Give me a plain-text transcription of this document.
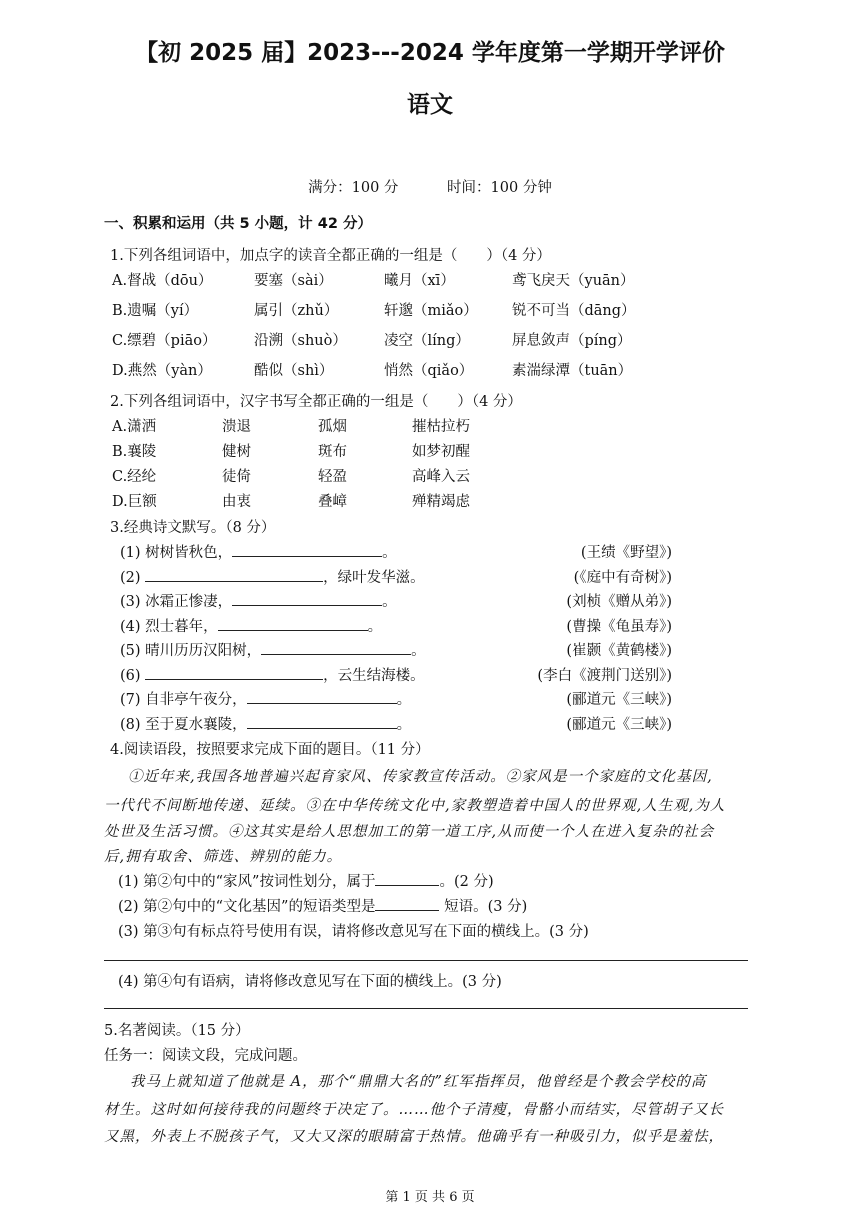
【初 2025 届】2023---2024 学年度第一学期开学评价
语文
满分：100 分	时间：100 分钟
一、积累和运用（共 5 小题，计 42 分）
1.下列各组词语中，加点字的读音全都正确的一组是（　　）（4 分）
A.督战（dōu）	要塞（sài）	曦月（xī）	鸢飞戾天（yuān）
B.遗嘱（yí）	属引（zhǔ）	轩邈（miǎo） 锐不可当（dāng）
C.缥碧（piāo）	沿溯（shuò）	凌空（líng）	屏息敛声（píng）
D.燕然（yàn）	酷似（shì）	悄然（qiǎo）	素湍绿潭（tuān）
2.下列各组词语中，汉字书写全都正确的一组是（　　）（4 分）
A.潇洒	溃退	孤烟	摧枯拉朽
B.襄陵	健树	斑布	如梦初醒
C.经纶	徒倚	轻盈	高峰入云
D.巨额	由衷	叠嶂	殚精竭虑
3.经典诗文默写。（8 分）
(1) 树树皆秋色，	。	(王绩《野望》)
(2)	，绿叶发华滋。	(《庭中有奇树》)
(3) 冰霜正惨凄，	。	(刘桢《赠从弟》)
(4) 烈士暮年，	。	(曹操《龟虽寿》)
(5) 晴川历历汉阳树，	。	(崔颢《黄鹤楼》)
(6)	，云生结海楼。	(李白《渡荆门送别》)
(7) 自非亭午夜分，	。	(郦道元《三峡》)
(8) 至于夏水襄陵，	。	(郦道元《三峡》)
4.阅读语段，按照要求完成下面的题目。（11 分）
①近年来,我国各地普遍兴起育家风、传家教宣传活动。②家风是一个家庭的文化基因,
一代代不间断地传递、延续。③在中华传统文化中,家教塑造着中国人的世界观,人生观,为人
处世及生活习惯。④这其实是给人思想加工的第一道工序,从而使一个人在进入复杂的社会
后,拥有取舍、筛选、辨别的能力。
(1) 第②句中的“家风”按词性划分，属于	。(2 分)
(2) 第②句中的“文化基因”的短语类型是	短语。(3 分)
(3) 第③句有标点符号使用有误，请将修改意见写在下面的横线上。(3 分)
(4) 第④句有语病，请将修改意见写在下面的横线上。(3 分)
5.名著阅读。（15 分）
任务一：阅读文段，完成问题。
我马上就知道了他就是 A，那个“鼎鼎大名的”红军指挥员，他曾经是个教会学校的高
材生。这时如何接待我的问题终于决定了。……他个子清瘦，骨骼小而结实，尽管胡子又长
又黑，外表上不脱孩子气，又大又深的眼睛富于热情。他确乎有一种吸引力，似乎是羞怯，
第 1 页 共 6 页
